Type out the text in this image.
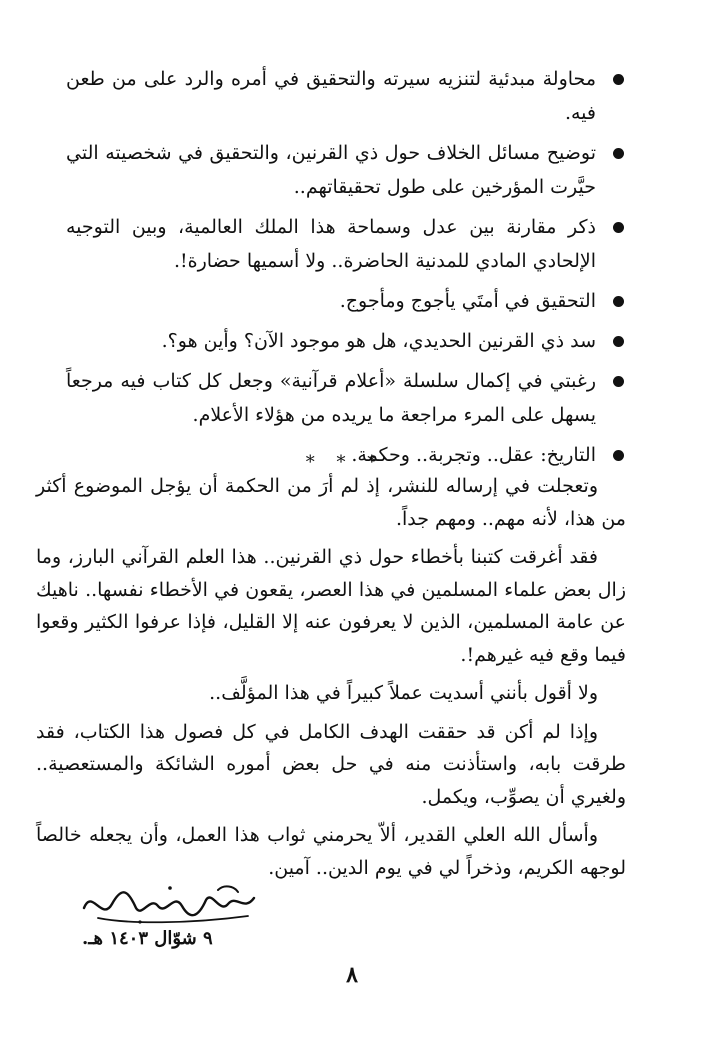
محاولة مبدئية لتنزيه سيرته والتحقيق في أمره والرد على من طعن فيه.
توضيح مسائل الخلاف حول ذي القرنين، والتحقيق في شخصيته التي حيَّرت المؤرخين على طول تحقيقاتهم..
ذكر مقارنة بين عدل وسماحة هذا الملك العالمية، وبين التوجيه الإلحادي المادي للمدنية الحاضرة.. ولا أسميها حضارة!.
التحقيق في أمتَي يأجوج ومأجوج.
سد ذي القرنين الحديدي، هل هو موجود الآن؟ وأين هو؟.
رغبتي في إكمال سلسلة «أعلام قرآنية» وجعل كل كتاب فيه مرجعاً يسهل على المرء مراجعة ما يريده من هؤلاء الأعلام.
التاريخ: عقل.. وتجربة.. وحكمة.
* * *

وتعجلت في إرساله للنشر، إذ لم أرَ من الحكمة أن يؤجل الموضوع أكثر من هذا، لأنه مهم.. ومهم جداً.

فقد أغرقت كتبنا بأخطاء حول ذي القرنين.. هذا العلم القرآني البارز، وما زال بعض علماء المسلمين في هذا العصر، يقعون في الأخطاء نفسها.. ناهيك عن عامة المسلمين، الذين لا يعرفون عنه إلا القليل، فإذا عرفوا الكثير وقعوا فيما وقع فيه غيرهم!.

ولا أقول بأنني أسديت عملاً كبيراً في هذا المؤلَّف..

وإذا لم أكن قد حققت الهدف الكامل في كل فصول هذا الكتاب، فقد طرقت بابه، واستأذنت منه في حل بعض أموره الشائكة والمستعصية.. ولغيري أن يصوِّب، ويكمل.

وأسأل الله العلي القدير، ألاّ يحرمني ثواب هذا العمل، وأن يجعله خالصاً لوجهه الكريم، وذخراً لي في يوم الدين.. آمين.

٩ شوّال ١٤٠٣ هـ.
٨
